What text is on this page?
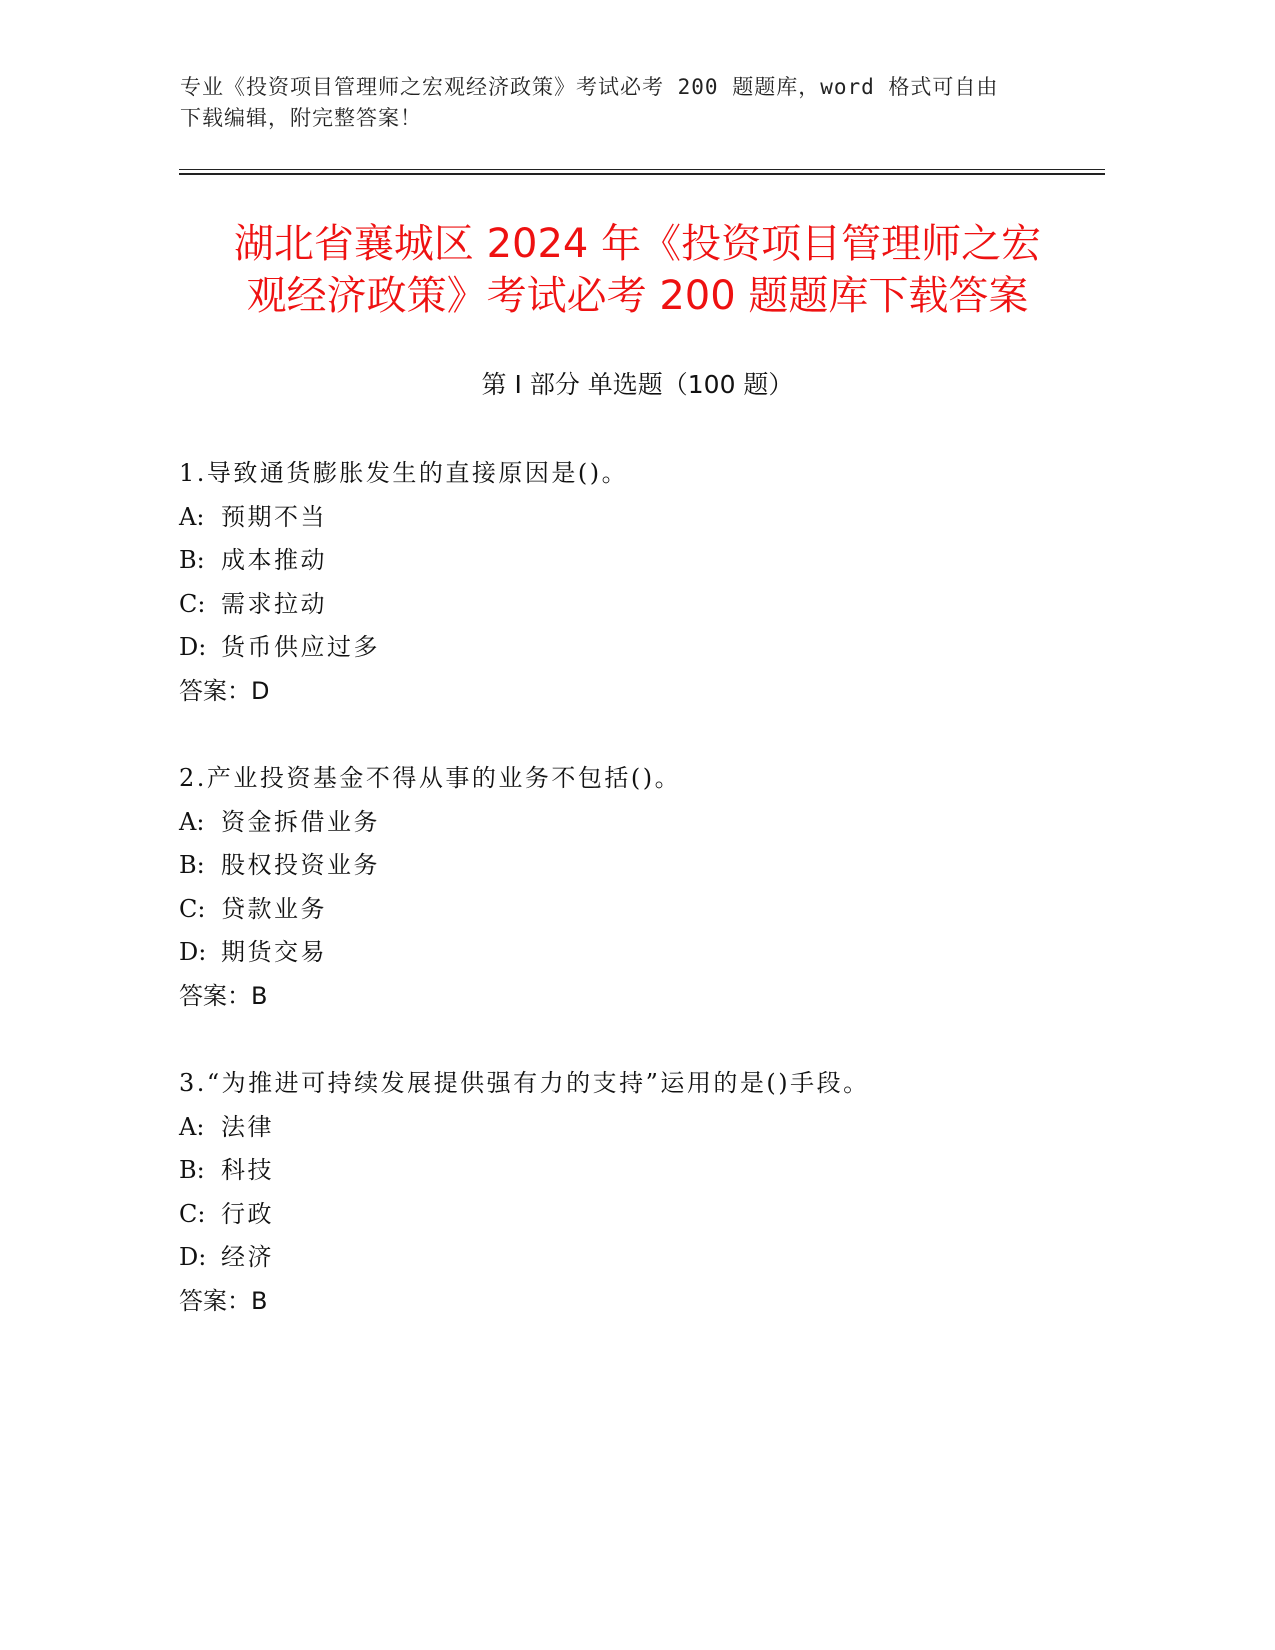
专业《投资项目管理师之宏观经济政策》考试必考 200 题题库，word 格式可自由
下载编辑，附完整答案！
湖北省襄城区 2024 年《投资项目管理师之宏
观经济政策》考试必考 200 题题库下载答案
第 I 部分 单选题（100 题）
1.导致通货膨胀发生的直接原因是()。
A: 预期不当
B: 成本推动
C: 需求拉动
D: 货币供应过多
答案：D
2.产业投资基金不得从事的业务不包括()。
A: 资金拆借业务
B: 股权投资业务
C: 贷款业务
D: 期货交易
答案：B
3.“为推进可持续发展提供强有力的支持”运用的是()手段。
A: 法律
B: 科技
C: 行政
D: 经济
答案：B
